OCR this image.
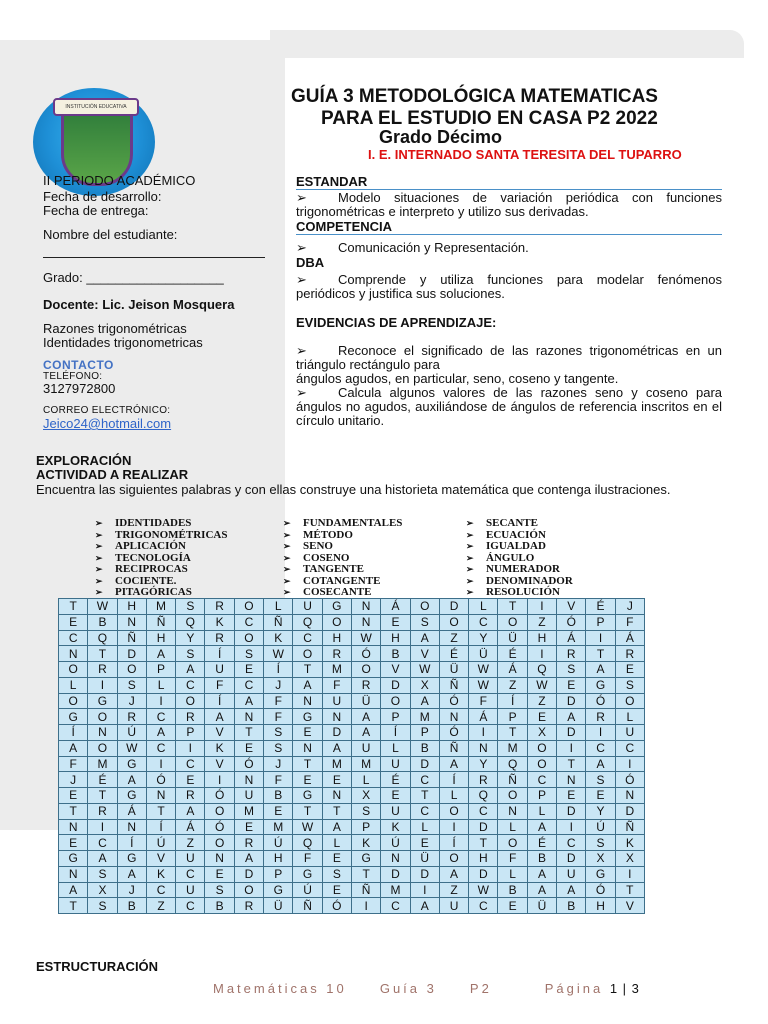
INSTITUCIÓN EDUCATIVA	GUÍA 3 METODOLÓGICA MATEMATICAS
PARA EL ESTUDIO EN CASA P2 2022
Grado Décimo
I. E. INTERNADO SANTA TERESITA DEL TUPARRO
II PERIODO ACADÉMICO
Fecha de desarrollo:
Fecha de entrega:
Nombre del estudiante:
Grado: ___________________
Docente: Lic. Jeison Mosquera
Razones trigonométricas
Identidades trigonometricas
CONTACTO
TELÉFONO:
3127972800
CORREO ELECTRÓNICO:
Jeico24@hotmail.com
ESTANDAR
➢ Modelo situaciones de variación periódica con funciones trigonométricas e interpreto y utilizo sus derivadas.
COMPETENCIA
➢ Comunicación y Representación.
DBA
➢ Comprende y utiliza funciones para modelar fenómenos periódicos y justifica sus soluciones.
EVIDENCIAS DE APRENDIZAJE:
➢ Reconoce el significado de las razones trigonométricas en un triángulo rectángulo para
ángulos agudos, en particular, seno, coseno y tangente.
➢ Calcula algunos valores de las razones seno y coseno para ángulos no agudos, auxiliándose de ángulos de referencia inscritos en el círculo unitario.
EXPLORACIÓN
ACTIVIDAD A REALIZAR
Encuentra las siguientes palabras y con ellas construye una historieta matemática que contenga ilustraciones.
➢ IDENTIDADES
➢ TRIGONOMÉTRICAS
➢ APLICACIÓN
➢ TECNOLOGÍA
➢ RECIPROCAS
➢ COCIENTE.
➢ PITAGÓRICAS
➢ FUNDAMENTALES
➢ MÉTODO
➢ SENO
➢ COSENO
➢ TANGENTE
➢ COTANGENTE
➢ COSECANTE
➢ SECANTE
➢ ECUACIÓN
➢ IGUALDAD
➢ ÁNGULO
➢ NUMERADOR
➢ DENOMINADOR
➢ RESOLUCIÓN
T	W	H	M	S	R	O	L	U	G	N	Á	O	D	L	T	I	V	É	J
E	B	N	Ñ	Q	K	C	Ñ	Q	O	N	E	S	O	C	O	Z	Ó	P	F
C	Q	Ñ	H	Y	R	O	K	C	H	W	H	A	Z	Y	Ü	H	Á	I	Á
N	T	D	A	S	Í	S	W	O	R	Ó	B	V	É	Ü	É	I	R	T	R
O	R	O	P	A	U	E	Í	T	M	O	V	W	Ü	W	Á	Q	S	A	E
L	I	S	L	C	F	C	J	A	F	R	D	X	Ñ	W	Z	W	E	G	S
O	G	J	I	O	Í	A	F	N	U	Ü	O	A	Ó	F	Í	Z	D	Ó	O
G	O	R	C	R	A	N	F	G	N	A	P	M	N	Á	P	E	A	R	L
Í	N	Ú	A	P	V	T	S	E	D	A	Í	P	Ó	I	T	X	D	I	U
A	O	W	C	I	K	E	S	N	A	U	L	B	Ñ	N	M	O	I	C	C
F	M	G	I	C	V	Ó	J	T	M	M	U	D	A	Y	Q	O	T	A	I
J	É	A	Ó	E	I	N	F	E	E	L	É	C	Í	R	Ñ	C	N	S	Ó
E	T	G	N	R	Ó	U	B	G	N	X	E	T	L	Q	O	P	E	E	N
T	R	Á	T	A	O	M	E	T	T	S	U	C	O	C	N	L	D	Y	D
N	I	N	Í	Á	Ó	E	M	W	A	P	K	L	I	D	L	A	I	Ú	Ñ
E	C	Í	Ú	Z	O	R	Ú	Q	L	K	Ú	E	Í	T	O	É	C	S	K
G	A	G	V	U	N	A	H	F	E	G	N	Ü	O	H	F	B	D	X	X
N	S	A	K	C	E	D	P	G	S	T	D	D	A	D	L	A	U	G	I
A	X	J	C	U	S	O	G	Ú	E	Ñ	M	I	Z	W	B	A	A	Ó	T
T	S	B	Z	C	B	R	Ü	Ñ	Ó	I	C	A	U	C	E	Ü	B	H	V
ESTRUCTURACIÓN
Matemáticas 10	Guía 3	P2	Página 1 | 3
